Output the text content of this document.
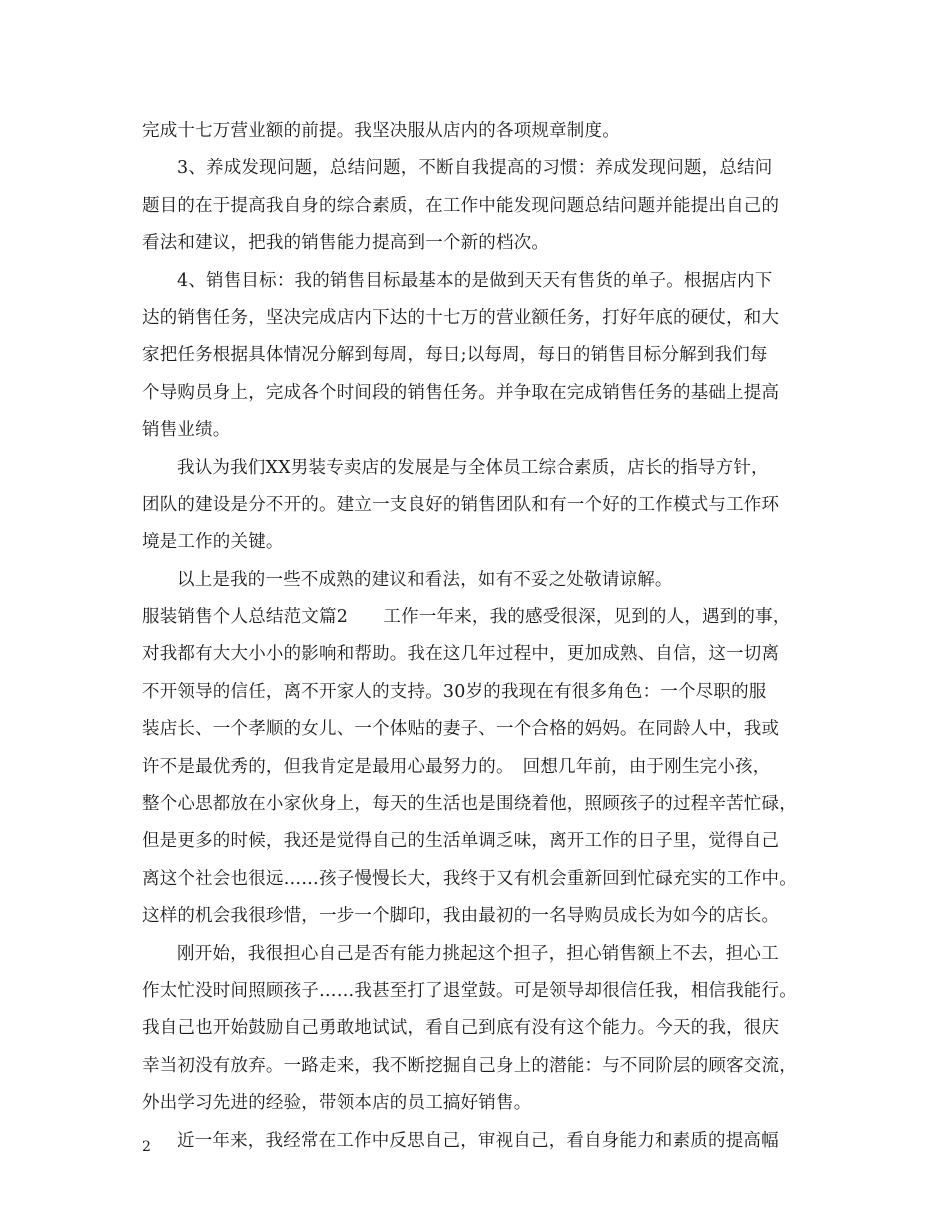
完成十七万营业额的前提。我坚决服从店内的各项规章制度。
3、养成发现问题，总结问题，不断自我提高的习惯：养成发现问题，总结问
题目的在于提高我自身的综合素质，在工作中能发现问题总结问题并能提出自己的
看法和建议，把我的销售能力提高到一个新的档次。
4、销售目标：我的销售目标最基本的是做到天天有售货的单子。根据店内下
达的销售任务，坚决完成店内下达的十七万的营业额任务，打好年底的硬仗，和大
家把任务根据具体情况分解到每周，每日;以每周，每日的销售目标分解到我们每
个导购员身上，完成各个时间段的销售任务。并争取在完成销售任务的基础上提高
销售业绩。
我认为我们XX男装专卖店的发展是与全体员工综合素质，店长的指导方针，
团队的建设是分不开的。建立一支良好的销售团队和有一个好的工作模式与工作环
境是工作的关键。
以上是我的一些不成熟的建议和看法，如有不妥之处敬请谅解。
服装销售个人总结范文篇2　　工作一年来，我的感受很深，见到的人，遇到的事，
对我都有大大小小的影响和帮助。我在这几年过程中，更加成熟、自信，这一切离
不开领导的信任，离不开家人的支持。30岁的我现在有很多角色：一个尽职的服
装店长、一个孝顺的女儿、一个体贴的妻子、一个合格的妈妈。在同龄人中，我或
许不是最优秀的，但我肯定是最用心最努力的。　回想几年前，由于刚生完小孩，
整个心思都放在小家伙身上，每天的生活也是围绕着他，照顾孩子的过程辛苦忙碌，
但是更多的时候，我还是觉得自己的生活单调乏味，离开工作的日子里，觉得自己
离这个社会也很远……孩子慢慢长大，我终于又有机会重新回到忙碌充实的工作中。
这样的机会我很珍惜，一步一个脚印，我由最初的一名导购员成长为如今的店长。
刚开始，我很担心自己是否有能力挑起这个担子，担心销售额上不去，担心工
作太忙没时间照顾孩子……我甚至打了退堂鼓。可是领导却很信任我，相信我能行。
我自己也开始鼓励自己勇敢地试试，看自己到底有没有这个能力。今天的我，很庆
幸当初没有放弃。一路走来，我不断挖掘自己身上的潜能：与不同阶层的顾客交流，
外出学习先进的经验，带领本店的员工搞好销售。
近一年来，我经常在工作中反思自己，审视自己，看自身能力和素质的提高幅
2
